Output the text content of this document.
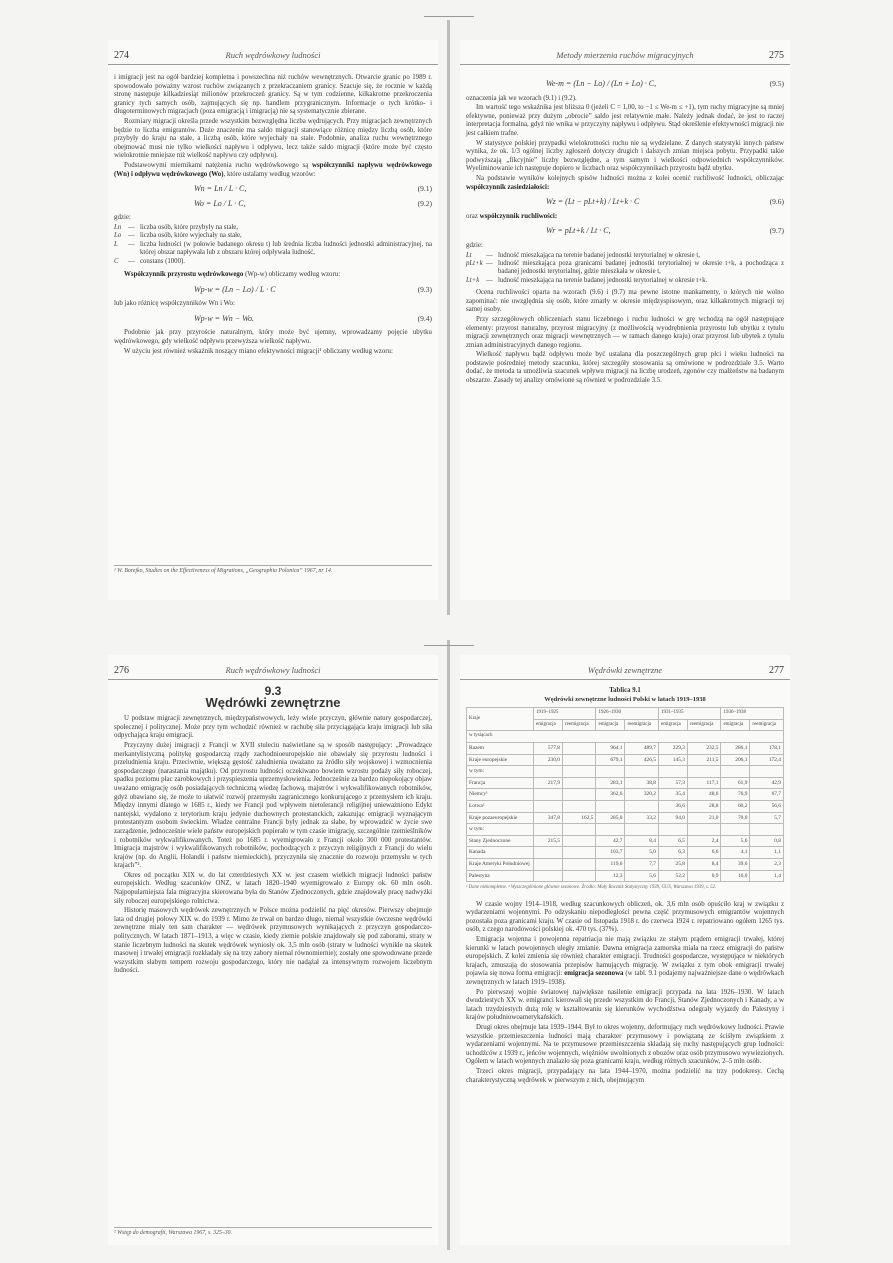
274	Ruch wędrówkowy ludności

i imigracji jest na ogół bardziej kompletna i powszechna niż ruchów wewnętrznych. Otwarcie granic po 1989 r. spowodowało poważny wzrost ruchów związanych z przekraczaniem granicy. Szacuje się, że rocznie w każdą stronę następuje kilkadziesiąt milionów przekroczeń granicy. Są w tym codzienne, kilkakrotne przekroczenia granicy tych samych osób, zajmujących się np. handlem przygranicznym. Informacje o tych krótko- i długoterminowych migracjach (poza emigracją i imigracją) nie są systematycznie zbierane.

Rozmiary migracji określa przede wszystkim bezwzględna liczba wędrujących. Przy migracjach zewnętrznych będzie to liczba emigrantów. Duże znaczenie ma saldo migracji stanowiące różnicę między liczbą osób, które przybyły do kraju na stałe, a liczbą osób, które wyjechały na stałe. Podobnie, analiza ruchu wewnętrznego obejmować musi nie tylko wielkości napływu i odpływu, lecz także saldo migracji (które może być często wielokrotnie mniejsze niż wielkość napływu czy odpływu).

Podstawowymi miernikami natężenia ruchu wędrówkowego są współczynniki napływu wędrówkowego (Wn) i odpływu wędrówkowego (Wo), które ustalamy według wzorów:

Wn = Ln / L · C,	(9.1)
Wo = Lo / L · C,	(9.2)

gdzie:

Ln	— liczba osób, które przybyły na stałe,
Lo	— liczba osób, które wyjechały na stałe,
L	— liczba ludności (w połowie badanego okresu t) lub średnia liczba ludności jednostki administracyjnej, na której obszar napływała lub z obszaru której odpływała ludność,
C	— constans (1000).

Współczynnik przyrostu wędrówkowego (Wp-w) obliczamy według wzoru:

Wp-w = (Ln − Lo) / L · C	(9.3)

lub jako różnicę współczynników Wn i Wo:

Wp-w = Wn − Wo.	(9.4)

Podobnie jak przy przyroście naturalnym, który może być ujemny, wprowadzamy pojęcie ubytku wędrówkowego, gdy wielkość odpływu przewyższa wielkość napływu.

W użyciu jest również wskaźnik noszący miano efektywności migracji¹ obliczany według wzoru:

¹ W. Borejko, Studies on the Effectiveness of Migrations, „Geographia Polonica” 1967, nr 14.
Metody mierzenia ruchów migracyjnych	275
We-m = (Ln − Lo) / (Ln + Lo) · C,	(9.5)

oznaczenia jak we wzorach (9.1) i (9.2).

Im wartość tego wskaźnika jest bliższa 0 (jeżeli C = 1,00, to −1 ≤ We-m ≤ +1), tym ruchy migracyjne są mniej efektywne, ponieważ przy dużym „obrocie” saldo jest relatywnie małe. Należy jednak dodać, że jest to raczej interpretacja formalna, gdyż nie wnika w przyczyny napływu i odpływu. Stąd określenie efektywności migracji nie jest całkiem trafne.

W statystyce polskiej przypadki wielokrotności ruchu nie są wydzielane. Z danych statystyki innych państw wynika, że ok. 1/3 ogólnej liczby zgłoszeń dotyczy drugich i dalszych zmian miejsca pobytu. Przypadki takie podwyższają „fikcyjnie” liczby bezwzględne, a tym samym i wielkości odpowiednich współczynników. Wyeliminowanie ich następuje dopiero w liczbach oraz współczynnikach przyrostu bądź ubytku.

Na podstawie wyników kolejnych spisów ludności można z kolei ocenić ruchliwość ludności, obliczając współczynnik zasiedziałości:

Wz = (Lt − pLt+k) / Lt+k · C	(9.6)

oraz współczynnik ruchliwości:

Wr = pLt+k / Lt · C,	(9.7)

gdzie:

Lt	— ludność mieszkająca na terenie badanej jednostki terytorialnej w okresie t,
pLt+k — ludność mieszkająca poza granicami badanej jednostki terytorialnej w okresie t+k, a pochodząca z badanej jednostki terytorialnej, gdzie mieszkała w okresie t,
Lt+k — ludność mieszkająca na terenie badanej jednostki terytorialnej w okresie t+k.

Ocena ruchliwości oparta na wzorach (9.6) i (9.7) ma pewne istotne mankamenty, o których nie wolno zapominać: nie uwzględnia się osób, które zmarły w okresie międzyspisowym, oraz kilkakrotnych migracji tej samej osoby.

Przy szczegółowych obliczeniach stanu liczebnego i ruchu ludności w grę wchodzą na ogół następujące elementy: przyrost naturalny, przyrost migracyjny (z możliwością wyodrębnienia przyrostu lub ubytku z tytułu migracji zewnętrznych oraz migracji wewnętrznych — w ramach danego kraju) oraz przyrost lub ubytek z tytułu zmian administracyjnych danego regionu.

Wielkość napływu bądź odpływu może być ustalana dla poszczególnych grup płci i wieku ludności na podstawie pośredniej metody szacunku, której szczegóły stosowania są omówione w podrozdziale 3.5. Warto dodać, że metoda ta umożliwia szacunek wpływu migracji na liczbę urodzeń, zgonów czy małżeństw na badanym obszarze. Zasady tej analizy omówione są również w podrozdziale 3.5.

276	Ruch wędrówkowy ludności
9.3
Wędrówki zewnętrzne

U podstaw migracji zewnętrznych, międzypaństwowych, leży wiele przyczyn, głównie natury gospodarczej, społecznej i politycznej. Może przy tym wchodzić również w rachubę siła przyciągająca kraju imigracji lub siła odpychająca kraju emigracji.

Przyczyny dużej imigracji z Francji w XVII stuleciu naświetlane są w sposób następujący: „Prowadzące merkantylistyczną politykę gospodarczą rządy zachodnioeuropejskie nie obawiały się przyrostu ludności i przeludnienia kraju. Przeciwnie, większą gęstość zaludnienia uważano za źródło siły wojskowej i wzmocnienia gospodarczego (narastania majątku). Od przyrostu ludności oczekiwano bowiem wzrostu podaży siły roboczej, spadku poziomu płac zarobkowych i przyspieszenia uprzemysłowienia. Jednocześnie za bardzo niepokojący objaw uważano emigrację osób posiadających techniczną wiedzę fachową, majstrów i wykwalifikowanych robotników, gdyż obawiano się, że może to ułatwić rozwój przemysłu zagranicznego konkurującego z przemysłem ich kraju. Między innymi dlatego w 1685 r., kiedy we Francji pod wpływem nietolerancji religijnej unieważniono Edykt nantejski, wydalono z terytorium kraju jedynie duchownych protestanckich, zakazując emigracji wyznającym protestantyzm osobom świeckim. Władze centralne Francji były jednak za słabe, by wprowadzić w życie swe zarządzenie, jednocześnie wiele państw europejskich popierało w tym czasie imigrację, szczególnie rzemieślników i robotników wykwalifikowanych. Toteż po 1685 r. wyemigrowało z Francji około 300 000 protestantów. Imigracja majstrów i wykwalifikowanych robotników, pochodzących z przyczyn religijnych z Francji do wielu krajów (np. do Anglii, Holandii i państw niemieckich), przyczyniła się znacznie do rozwoju przemysłu w tych krajach”².

Okres od początku XIX w. do lat czterdziestych XX w. jest czasem wielkich migracji ludności państw europejskich. Według szacunków ONZ, w latach 1820–1940 wyemigrowało z Europy ok. 60 mln osób. Najpopularniejsza fala migracyjna skierowana była do Stanów Zjednoczonych, gdzie znajdowały pracę nadwyżki siły roboczej europejskiego rolnictwa.

Historię masowych wędrówek zewnętrznych w Polsce można podzielić na pięć okresów. Pierwszy obejmuje lata od drugiej połowy XIX w. do 1939 r. Mimo że trwał on bardzo długo, niemal wszystkie ówczesne wędrówki zewnętrzne miały ten sam charakter — wędrówek przymusowych wynikających z przyczyn gospodarczo-politycznych. W latach 1871–1913, a więc w czasie, kiedy ziemie polskie znajdowały się pod zaborami, straty w stanie liczebnym ludności na skutek wędrówek wyniosły ok. 3,5 mln osób (straty w ludności wynikłe na skutek masowej i trwałej emigracji rozkładały się na trzy zabory niemal równomiernie); zostały one spowodowane przede wszystkim słabym tempem rozwoju gospodarczego, który nie nadążał za intensywnym rozwojem liczebnym ludności.

² Wstęp do demografii, Warszawa 1967, s. 325–30.
Wędrówki zewnętrzne	277
Tablica 9.1
Wędrówki zewnętrzne ludności Polski w latach 1919–1938
Kraje	1919–1925		1926–1930		1931–1935		1936–1938	
	emigracja	reemigracja	emigracja	reemigracja	emigracja	reemigracja	emigracja	reemigracja
w tysiącach								
Razem	577,8		964,1	489,7	229,3	232,5	286,1	178,1
Kraje europejskie	230,0		679,1	426,5	145,3	211,5	206,1	172,4
w tym:								
Francja	217,9		283,1	38,8	57,3	117,1	61,9	42,9
Niemcy¹			362,6	320,2	35,4	48,6	76,9	67,7
Łotwa²					36,6	28,8	60,2	56,6
Kraje pozaeuropejskie	347,8	162,5	285,0	33,2	94,0	21,0	70,0	5,7
w tym:								
Stany Zjednoczone	215,5		42,7	8,4	6,5	2,4	5,6	0,8
Kanada			103,7	5,0	6,3	6,6	4,1	1,1
Kraje Ameryki Południowej			119,6	7,7	25,8	8,4	39,6	2,3
Palestyna			12,3	5,6	52,2	0,9	16,0	1,4
¹ Dane niekompletne. ² Wyszczególnione głównie sezonowe. Źródło: Mały Rocznik Statystyczny 1939, GUS, Warszawa 1939, s. 52.

W czasie wojny 1914–1918, według szacunkowych obliczeń, ok. 3,6 mln osób opuściło kraj w związku z wydarzeniami wojennymi. Po odzyskaniu niepodległości pewna część przymusowych emigrantów wojennych pozostała poza granicami kraju. W czasie od listopada 1918 r. do czerwca 1924 r. repatriowano ogółem 1265 tys. osób, z czego narodowości polskiej ok. 470 tys. (37%).

Emigracja wojenna i powojenna repatriacja nie mają związku ze stałym prądem emigracji trwałej, której kierunki w latach powojennych uległy zmianie. Dawna emigracja zamorska miała na rzecz emigracji do państw europejskich. Z kolei zmienia się również charakter emigracji. Trudności gospodarcze, występujące w niektórych krajach, zmuszają do stosowania przepisów hamujących migrację. W związku z tym obok emigracji trwałej pojawia się nowa forma emigracji: emigracja sezonowa (w tabl. 9.1 podajemy najważniejsze dane o wędrówkach zewnętrznych w latach 1919–1938).

Po pierwszej wojnie światowej największe nasilenie emigracji przypada na lata 1926–1930. W latach dwudziestych XX w. emigranci kierowali się przede wszystkim do Francji, Stanów Zjednoczonych i Kanady, a w latach trzydziestych dużą rolę w kształtowaniu się kierunków wychodźstwa odegrały wyjazdy do Palestyny i krajów południowoamerykańskich.

Drugi okres obejmuje lata 1939–1944. Był to okres wojenny, deformujący ruch wędrówkowy ludności. Prawie wszystkie przemieszczenia ludności mają charakter przymusowy i powiązaną ze ściśłym związkiem z wydarzeniami wojennymi. Na te przymusowe przemieszczenia składają się ruchy następujących grup ludności: uchodźców z 1939 r., jeńców wojennych, więźniów uwolnionych z obozów oraz osób przymusowo wywiezionych. Ogółem w latach wojennych znalazło się poza granicami kraju, według różnych szacunków, 2–5 mln osób.

Trzeci okres migracji, przypadający na lata 1944–1970, można podzielić na trzy podokresy. Cechą charakterystyczną wędrówek w pierwszym z nich, obejmującym
